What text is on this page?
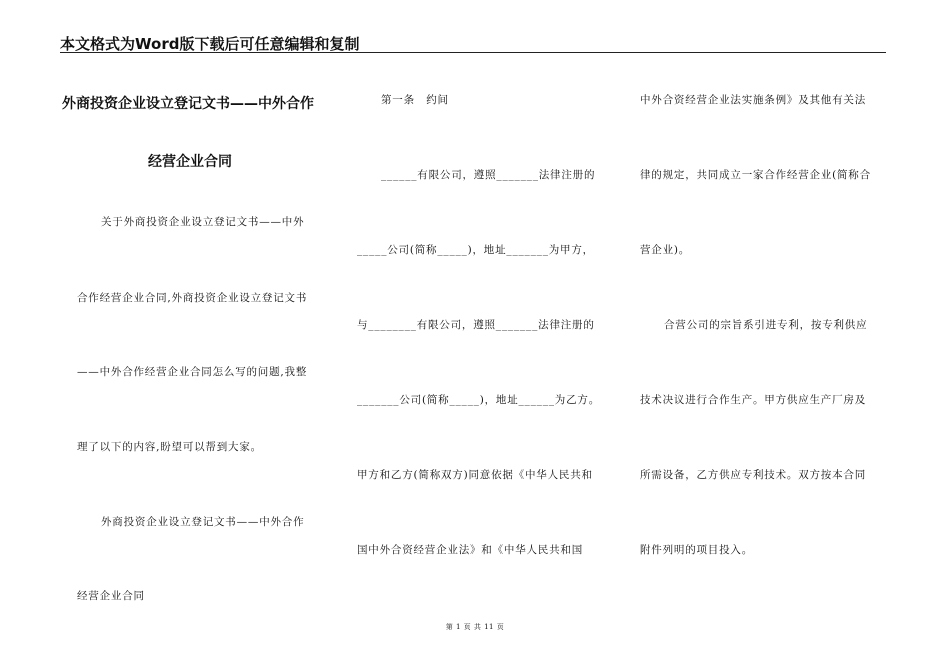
本文格式为Word版下载后可任意编辑和复制
外商投资企业设立登记文书——中外合作
经营企业合同
关于外商投资企业设立登记文书——中外
合作经营企业合同,外商投资企业设立登记文书
——中外合作经营企业合同怎么写的问题,我整
理了以下的内容,盼望可以帮到大家。
外商投资企业设立登记文书——中外合作
经营企业合同
第一条　约间
______有限公司，遵照_______法律注册的
_____公司(简称_____)，地址_______为甲方，
与________有限公司，遵照_______法律注册的
_______公司(简称_____)，地址______为乙方。
甲方和乙方(简称双方)同意依据《中华人民共和
国中外合资经营企业法》和《中华人民共和国
中外合资经营企业法实施条例》及其他有关法
律的规定，共同成立一家合作经营企业(简称合
营企业)。
合营公司的宗旨系引进专利，按专利供应
技术决议进行合作生产。甲方供应生产厂房及
所需设备，乙方供应专利技术。双方按本合同
附件列明的项目投入。
第 1 页 共 11 页
